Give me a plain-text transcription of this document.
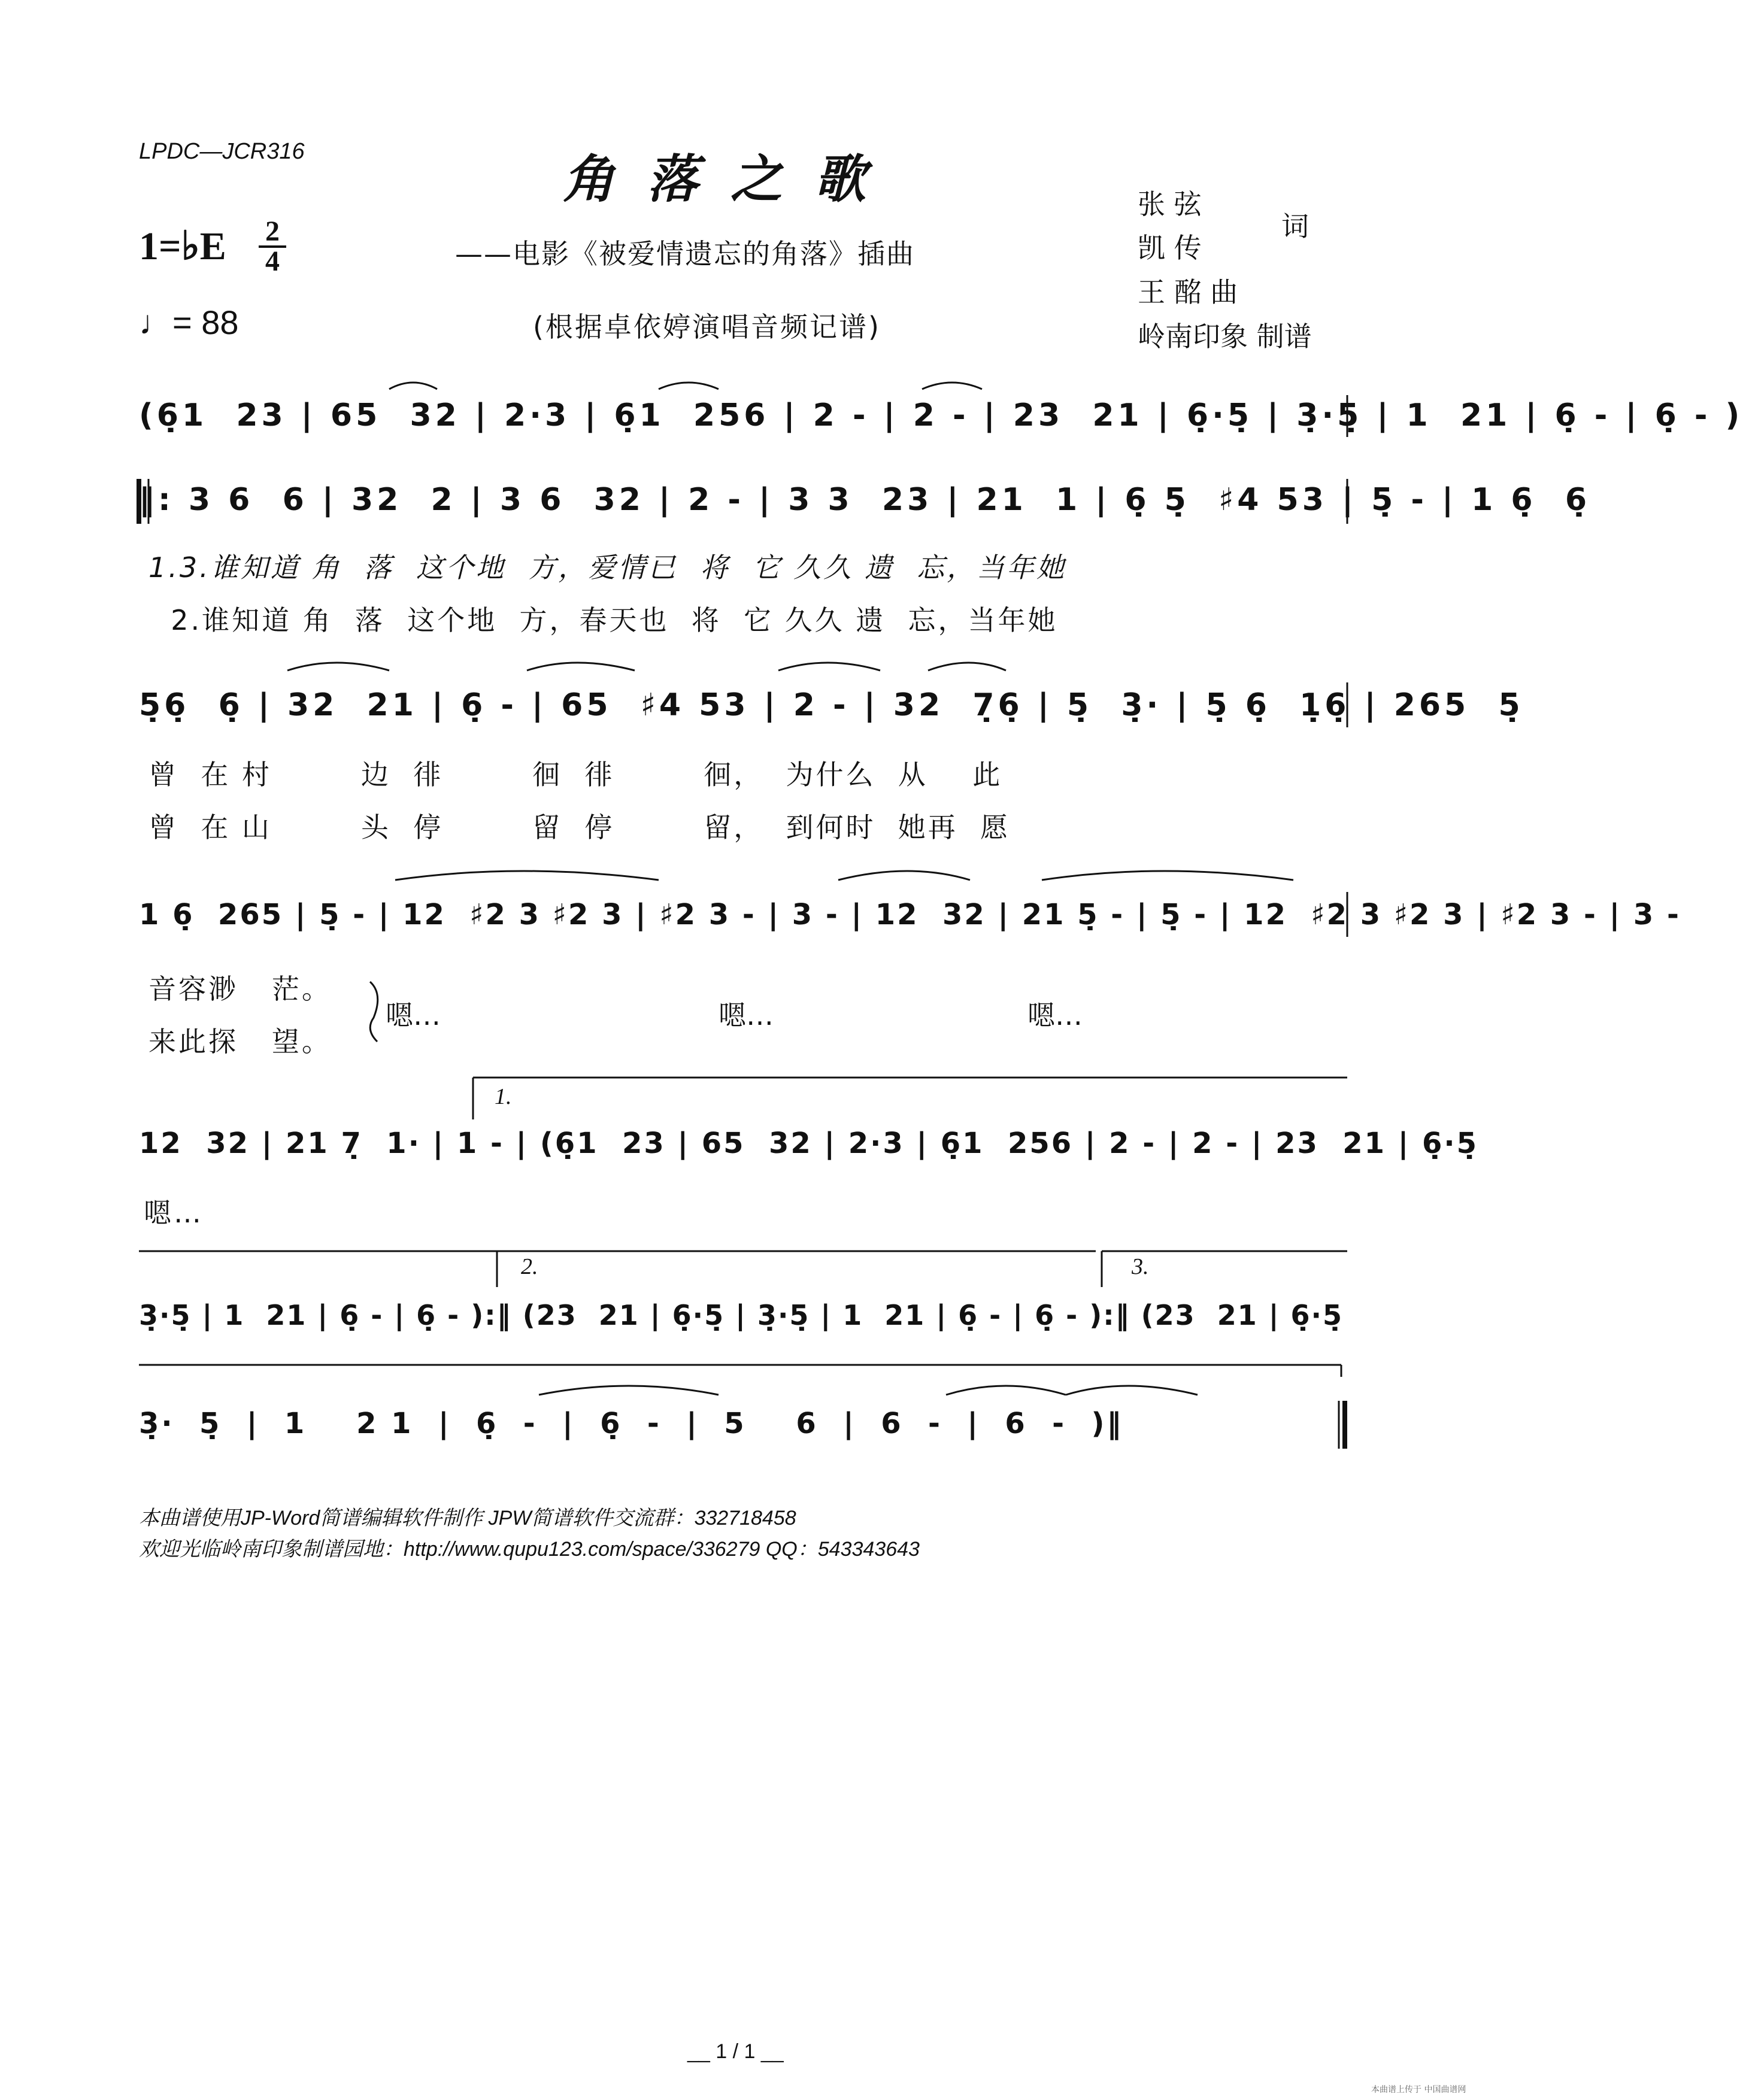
LPDC—JCR316	角落之歌
——电影《被爱情遗忘的角落》插曲
(根据卓依婷演唱音频记谱)
1=♭E 2
4
♩= 88
张 弦
凯 传
词
王 酩 曲
岭南印象 制谱
(6̣1  23 | 65  32 | 2·3 | 6̣1  256 | 2 - | 2 - | 23  21 | 6̣·5̣ | 3̣·5̣ | 1  21 | 6̣ - | 6̣ - )
‖: 3 6  6 | 32  2 | 3 6  32 | 2 - | 3 3  23 | 21  1 | 6̣ 5̣  ♯4 53 | 5̣ - | 1 6̣  6̣
1.3.谁知道 角  落  这个地  方，爱情已  将  它 久久 遗  忘，当年她
2.谁知道 角  落  这个地  方，春天也  将  它 久久 遗  忘，当年她
5̣6̣  6̣ | 32  21 | 6̣ - | 65  ♯4 53 | 2 - | 32  7̣6̣ | 5̣  3̣· | 5̣ 6̣  1̣6̣ | 265  5̣
曾  在 村        边  徘        徊  徘        徊，  为什么  从    此
曾  在 山        头  停        留  停        留，  到何时  她再  愿
1 6̣  265 | 5̣ - | 12  ♯2 3 ♯2 3 | ♯2 3 - | 3 - | 12  32 | 21 5̣ - | 5̣ - | 12  ♯2 3 ♯2 3 | ♯2 3 - | 3 -
音容渺   茫。
来此探   望。
嗯…	嗯…	嗯…
1.
12  32 | 21 7̣  1· | 1 - | (6̣1  23 | 65  32 | 2·3 | 6̣1  256 | 2 - | 2 - | 23  21 | 6̣·5̣
嗯…
2.	3.
3̣·5̣ | 1  21 | 6̣ - | 6̣ - ):‖ (23  21 | 6̣·5̣ | 3̣·5̣ | 1  21 | 6̣ - | 6̣ - ):‖ (23  21 | 6̣·5̣
3̣·  5̣  |  1    2 1  |  6̣  -  |  6̣  -  |  5    6  |  6  -  |  6  -  )‖
本曲谱使用JP-Word简谱编辑软件制作 JPW简谱软件交流群：332718458
欢迎光临岭南印象制谱园地：http://www.qupu123.com/space/336279 QQ：543343643
__ 1 / 1 __
本曲谱上传于 中国曲谱网
